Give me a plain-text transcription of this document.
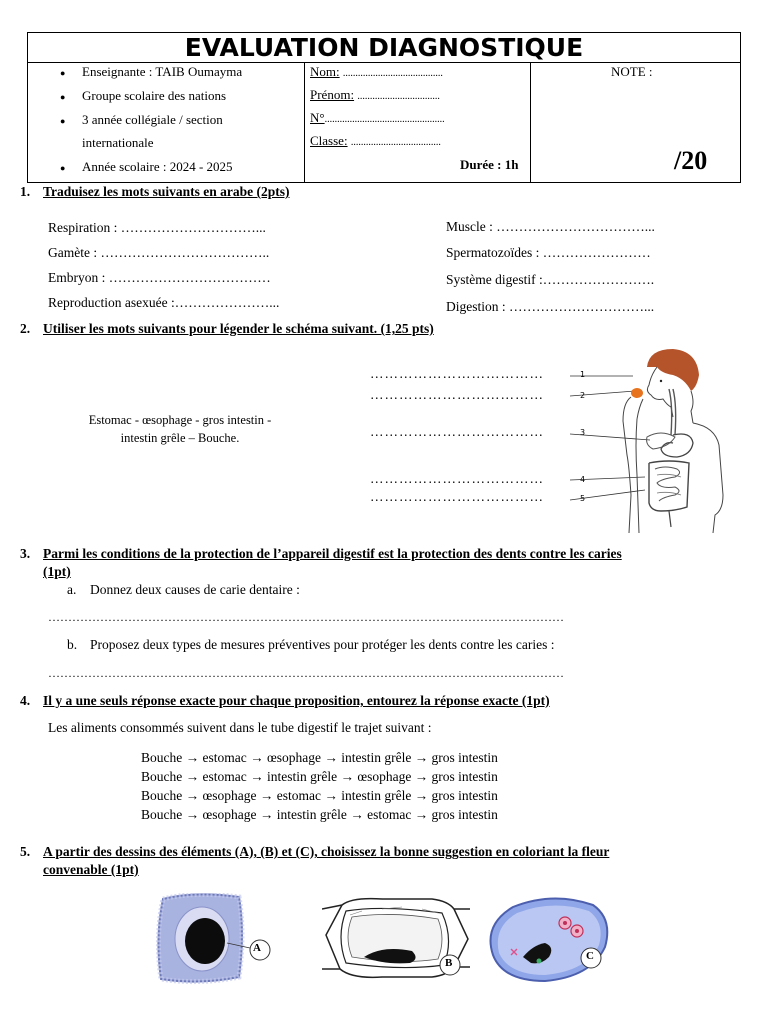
EVALUATION DIAGNOSTIQUE
● Enseignante : TAIB Oumayma
● Groupe scolaire des nations
● 3 année collégiale / section
internationale
● Année scolaire : 2024 - 2025
Nom: ........................................
Prénom: .................................
N°................................................
Classe: ....................................
Durée : 1h
NOTE :
/20
1. Traduisez les mots suivants en arabe (2pts)
Respiration : …………………………...
Gamète : ………………………………..
Embryon : ………………………………
Reproduction asexuée :…………………...
Muscle : ……………………………...
Spermatozoïdes : ……………………
Système digestif :…………………….
Digestion : …………………………...
2. Utiliser les mots suivants pour légender le schéma suivant. (1,25 pts)
Estomac - œsophage - gros intestin -
intestin grêle – Bouche.
………………………………
………………………………
………………………………
………………………………
………………………………
1
2
3
4
5
3. Parmi les conditions de la protection de l’appareil digestif est la protection des dents contre les caries
(1pt)
a. Donnez deux causes de carie dentaire :
…………………………………………………………………………………………………………………
b. Proposez deux types de mesures préventives pour protéger les dents contre les caries :
…………………………………………………………………………………………………………………
4. Il y a une seuls réponse exacte pour chaque proposition, entourez la réponse exacte (1pt)
Les aliments consommés suivent dans le tube digestif le trajet suivant :
Bouche → estomac → œsophage → intestin grêle → gros intestin
Bouche → estomac → intestin grêle → œsophage → gros intestin
Bouche → œsophage → estomac → intestin grêle → gros intestin
Bouche → œsophage → intestin grêle → estomac → gros intestin
5. A partir des dessins des éléments (A), (B) et (C), choisissez la bonne suggestion en coloriant la fleur
convenable (1pt)
A
B
C
